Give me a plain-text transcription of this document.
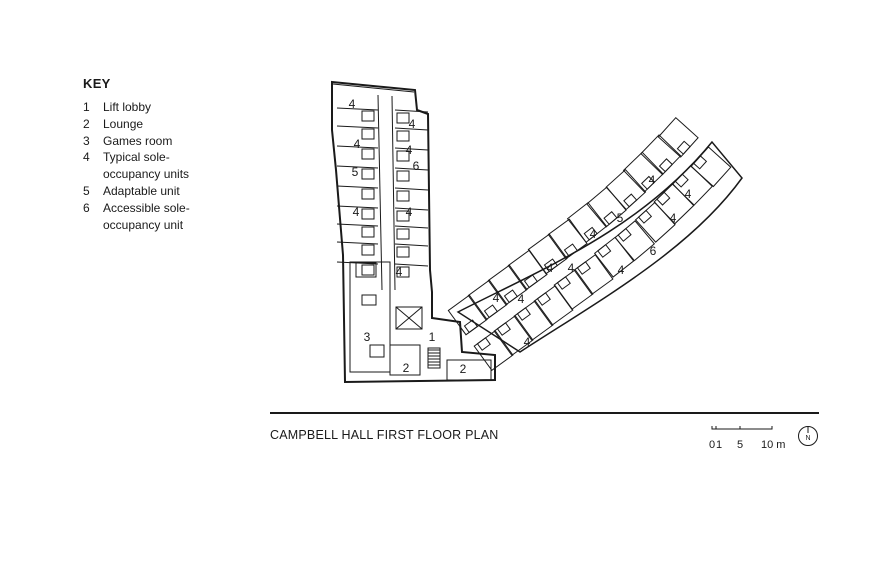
KEY
1	Lift lobby
2	Lounge
3	Games room
4	Typical sole-occupancy units
5	Adaptable unit
6	Accessible sole-occupancy unit
4
4
4	4
6
5
4	4
4
1
2	2
3
4
4
4
5
4
4
4
6
4
4
4
4
CAMPBELL HALL FIRST FLOOR PLAN
0 1 5 10 m
N
